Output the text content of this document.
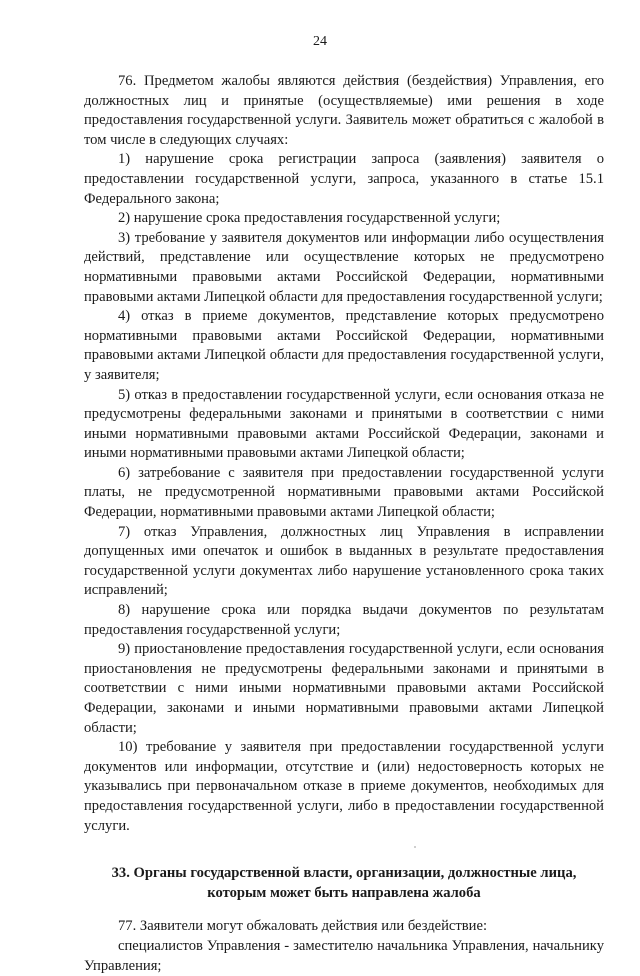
24

76. Предметом жалобы являются действия (бездействия) Управления, его должностных лиц и принятые (осуществляемые) ими решения в ходе предоставления государственной услуги. Заявитель может обратиться с жалобой в том числе в следующих случаях:

1) нарушение срока регистрации запроса (заявления) заявителя о предоставлении государственной услуги, запроса, указанного в статье 15.1 Федерального закона;

2) нарушение срока предоставления государственной услуги;

3) требование у заявителя документов или информации либо осуществления действий, представление или осуществление которых не предусмотрено нормативными правовыми актами Российской Федерации, нормативными правовыми актами Липецкой области для предоставления государственной услуги;

4) отказ в приеме документов, представление которых предусмотрено нормативными правовыми актами Российской Федерации, нормативными правовыми актами Липецкой области для предоставления государственной услуги, у заявителя;

5) отказ в предоставлении государственной услуги, если основания отказа не предусмотрены федеральными законами и принятыми в соответствии с ними иными нормативными правовыми актами Российской Федерации, законами и иными нормативными правовыми актами Липецкой области;

6) затребование с заявителя при предоставлении государственной услуги платы, не предусмотренной нормативными правовыми актами Российской Федерации, нормативными правовыми актами Липецкой области;

7) отказ Управления, должностных лиц Управления в исправлении допущенных ими опечаток и ошибок в выданных в результате предоставления государственной услуги документах либо нарушение установленного срока таких исправлений;

8) нарушение срока или порядка выдачи документов по результатам предоставления государственной услуги;

9) приостановление предоставления государственной услуги, если основания приостановления не предусмотрены федеральными законами и принятыми в соответствии с ними иными нормативными правовыми актами Российской Федерации, законами и иными нормативными правовыми актами Липецкой области;

10) требование у заявителя при предоставлении государственной услуги документов или информации, отсутствие и (или) недостоверность которых не указывались при первоначальном отказе в приеме документов, необходимых для предоставления государственной услуги, либо в предоставлении государственной услуги.

33. Органы государственной власти, организации, должностные лица,
которым может быть направлена жалоба

77. Заявители могут обжаловать действия или бездействие:

специалистов Управления - заместителю начальника Управления, начальнику Управления;
